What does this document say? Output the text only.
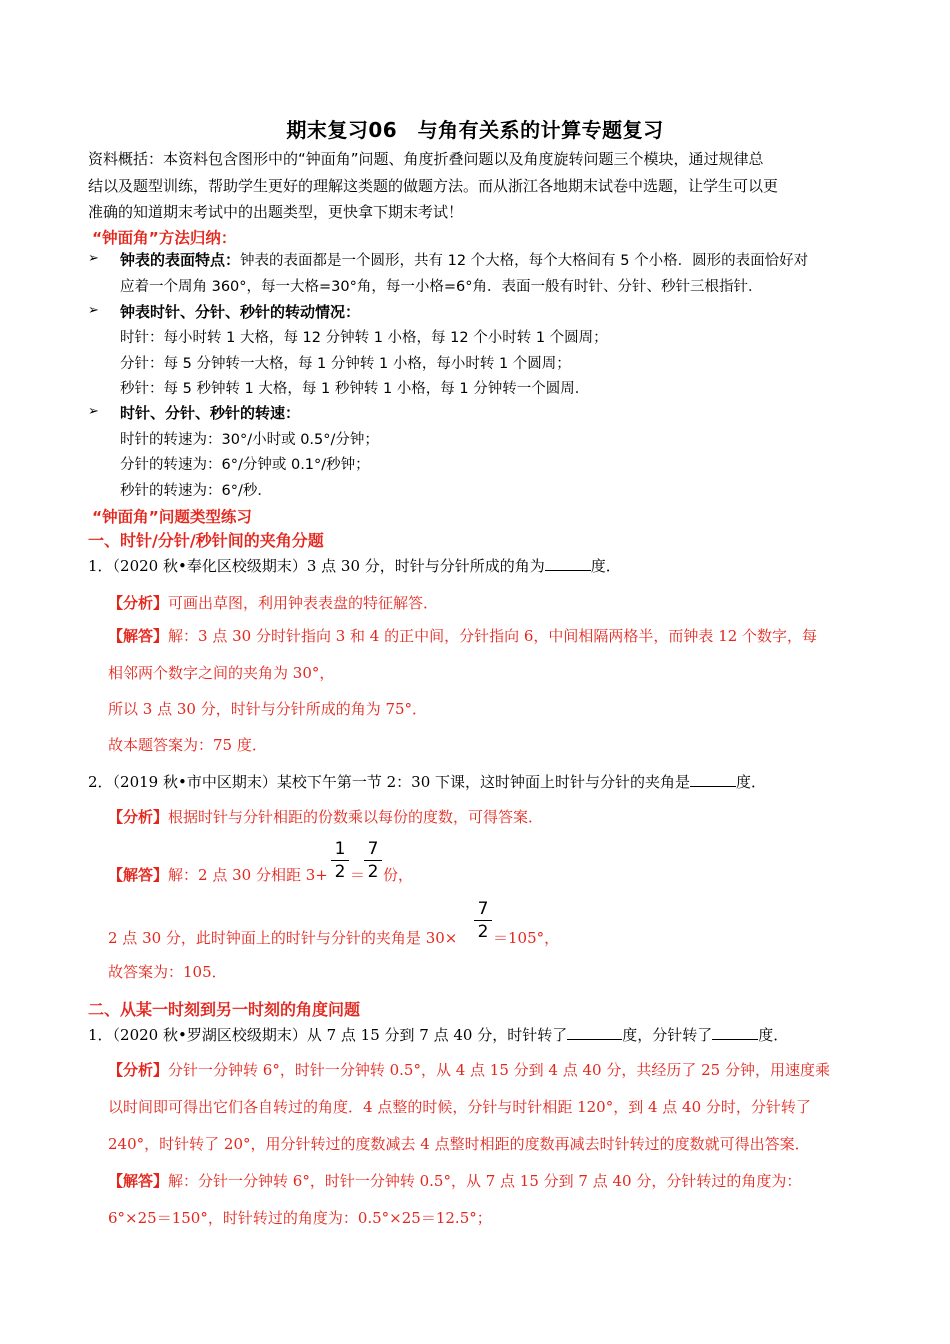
期末复习06　与角有关系的计算专题复习
资料概括：本资料包含图形中的“钟面角”问题、角度折叠问题以及角度旋转问题三个模块，通过规律总
结以及题型训练，帮助学生更好的理解这类题的做题方法。而从浙江各地期末试卷中选题，让学生可以更
准确的知道期末考试中的出题类型，更快拿下期末考试！
“钟面角”方法归纳：
➢ 钟表的表面特点：钟表的表面都是一个圆形，共有 12 个大格，每个大格间有 5 个小格．圆形的表面恰好对
应着一个周角 360°，每一大格=30°角，每一小格=6°角．表面一般有时针、分针、秒针三根指针．
➢ 钟表时针、分针、秒针的转动情况：
时针：每小时转 1 大格，每 12 分钟转 1 小格，每 12 个小时转 1 个圆周；
分针：每 5 分钟转一大格，每 1 分钟转 1 小格，每小时转 1 个圆周；
秒针：每 5 秒钟转 1 大格，每 1 秒钟转 1 小格，每 1 分钟转一个圆周．
➢ 时针、分针、秒针的转速：
时针的转速为：30°/小时或 0.5°/分钟；
分针的转速为：6°/分钟或 0.1°/秒钟；
秒针的转速为：6°/秒．
“钟面角”问题类型练习
一、时针/分针/秒针间的夹角分题
1．（2020 秋•奉化区校级期末）3 点 30 分，时针与分针所成的角为	度．
【分析】可画出草图，利用钟表表盘的特征解答．
【解答】解：3 点 30 分时针指向 3 和 4 的正中间，分针指向 6，中间相隔两格半，而钟表 12 个数字，每
相邻两个数字之间的夹角为 30°，
所以 3 点 30 分，时针与分针所成的角为 75°．
故本题答案为：75 度．
2．（2019 秋•市中区期末）某校下午第一节 2：30 下课，这时钟面上时针与分针的夹角是	度．
【分析】根据时针与分针相距的份数乘以每份的度数，可得答案．
【解答】解：2 点 30 分相距 3+
1
2 ＝
7
2 份，
2 点 30 分，此时钟面上的时针与分针的夹角是 30×
7
2 ＝105°，
故答案为：105．
二、从某一时刻到另一时刻的角度问题
1．（2020 秋•罗湖区校级期末）从 7 点 15 分到 7 点 40 分，时针转了	度，分针转了	度．
【分析】分针一分钟转 6°，时针一分钟转 0.5°，从 4 点 15 分到 4 点 40 分，共经历了 25 分钟，用速度乘
以时间即可得出它们各自转过的角度．4 点整的时候，分针与时针相距 120°，到 4 点 40 分时，分针转了
240°，时针转了 20°，用分针转过的度数减去 4 点整时相距的度数再减去时针转过的度数就可得出答案．
【解答】解：分针一分钟转 6°，时针一分钟转 0.5°，从 7 点 15 分到 7 点 40 分，分针转过的角度为：
6°×25＝150°，时针转过的角度为：0.5°×25＝12.5°；
